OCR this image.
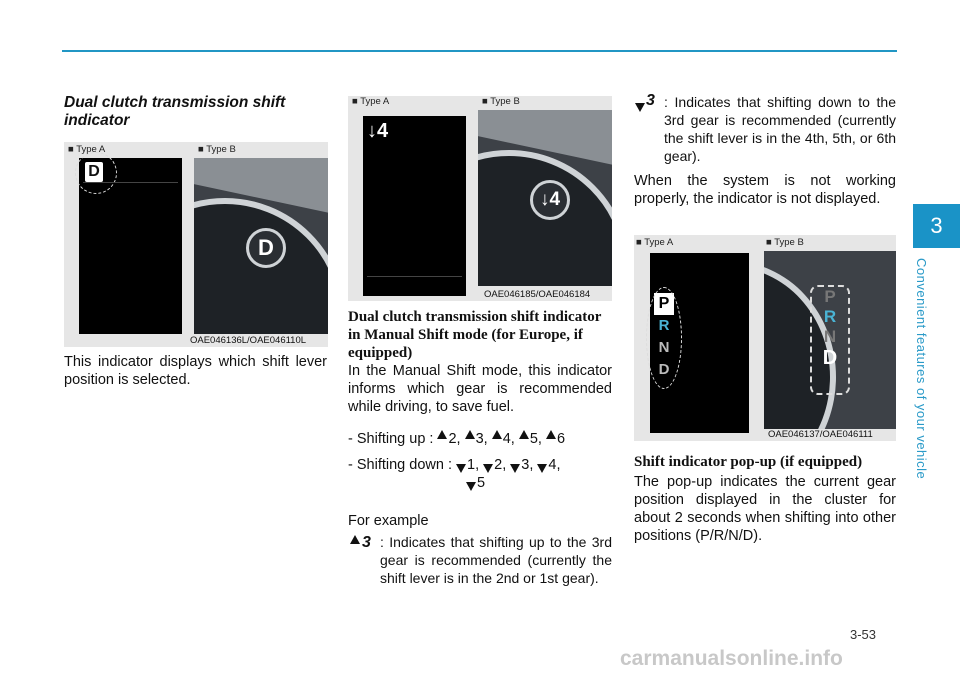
Dual clutch transmission shift indicator
■ Type A	■ Type B
D
D
OAE046136L/OAE046110L
This indicator displays which shift lever position is selected.
■ Type A	■ Type B
↓4
↓4
OAE046185/OAE046184
Dual clutch transmission shift indicator in Manual Shift mode (for Europe, if equipped)
In the Manual Shift mode, this indicator informs which gear is recommended while driving, to save fuel.
- Shifting up : 2, 3, 4, 5, 6
- Shifting down : 1, 2, 3, 4,
5
For example
3 : Indicates that shifting up to the 3rd gear is recommended (currently the shift lever is in the 2nd or 1st gear).
3 : Indicates that shifting down to the 3rd gear is recommended (currently the shift lever is in the 4th, 5th, or 6th gear).
When the system is not working properly, the indicator is not displayed.
■ Type A	■ Type B
P
R
N
D
P
R
N
D
OAE046137/OAE046111
Shift indicator pop-up (if equipped)
The pop-up indicates the current gear position displayed in the cluster for about 2 seconds when shifting into other positions (P/R/N/D).
3
Convenient features of your vehicle
3-53
carmanualsonline.info
